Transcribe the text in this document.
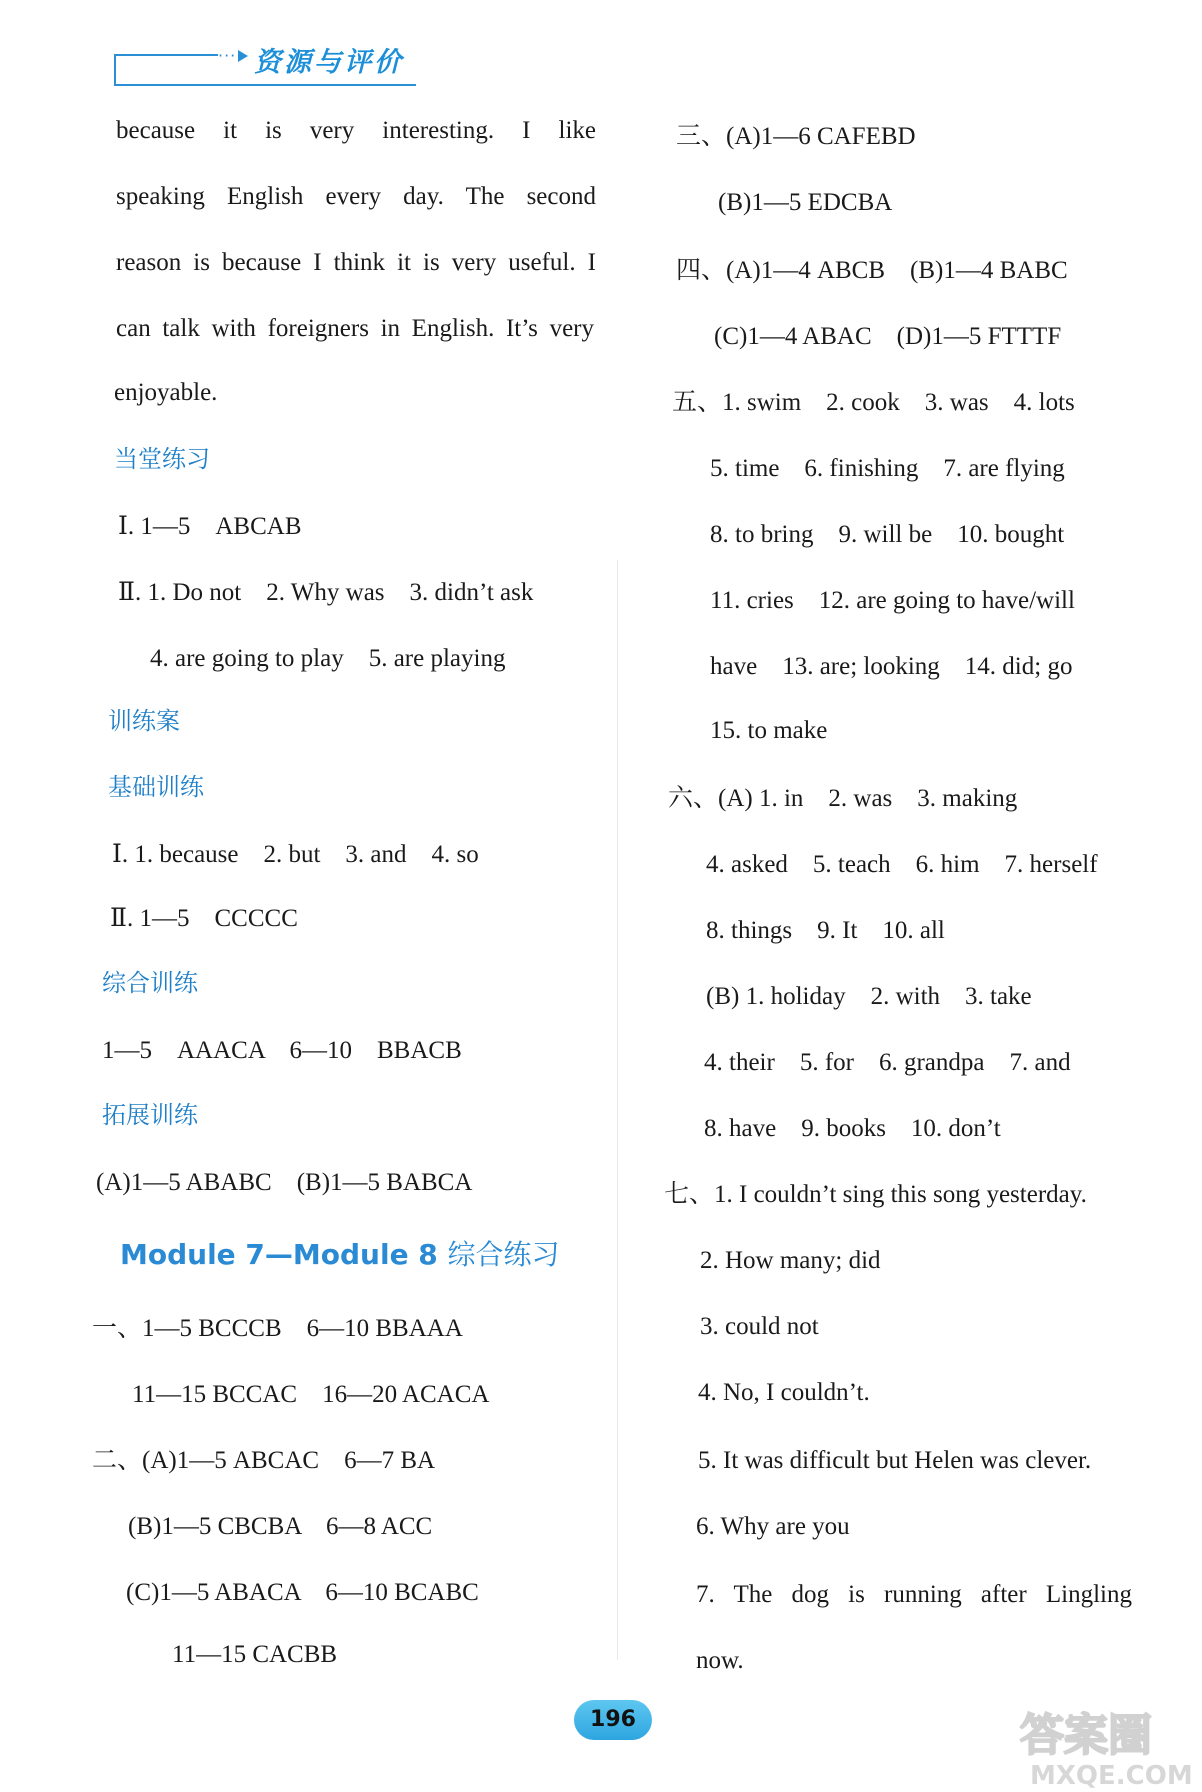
··· 资源与评价
because it is very interesting. I like
speaking English every day. The second
reason is because I think it is very useful. I
can talk with foreigners in English. It’s very
enjoyable.
当堂练习
Ⅰ. 1—5　ABCAB
Ⅱ. 1. Do not　2. Why was　3. didn’t ask
4. are going to play　5. are playing
训练案
基础训练
Ⅰ. 1. because　2. but　3. and　4. so
Ⅱ. 1—5　CCCCC
综合训练
1—5　AAACA　6—10　BBACB
拓展训练
(A)1—5 ABABC　(B)1—5 BABCA
Module 7—Module 8 综合练习
一、1—5 BCCCB　6—10 BBAAA
11—15 BCCAC　16—20 ACACA
二、(A)1—5 ABCAC　6—7 BA
(B)1—5 CBCBA　6—8 ACC
(C)1—5 ABACA　6—10 BCABC
11—15 CACBB
三、(A)1—6 CAFEBD
(B)1—5 EDCBA
四、(A)1—4 ABCB　(B)1—4 BABC
(C)1—4 ABAC　(D)1—5 FTTTF
五、1. swim　2. cook　3. was　4. lots
5. time　6. finishing　7. are flying
8. to bring　9. will be　10. bought
11. cries　12. are going to have/will
have　13. are; looking　14. did; go
15. to make
六、(A) 1. in　2. was　3. making
4. asked　5. teach　6. him　7. herself
8. things　9. It　10. all
(B) 1. holiday　2. with　3. take
4. their　5. for　6. grandpa　7. and
8. have　9. books　10. don’t
七、1. I couldn’t sing this song yesterday.
2. How many; did
3. could not
4. No, I couldn’t.
5. It was difficult but Helen was clever.
6. Why are you
7. The dog is running after Lingling
now.
196	答案圈
MXQE.COM
